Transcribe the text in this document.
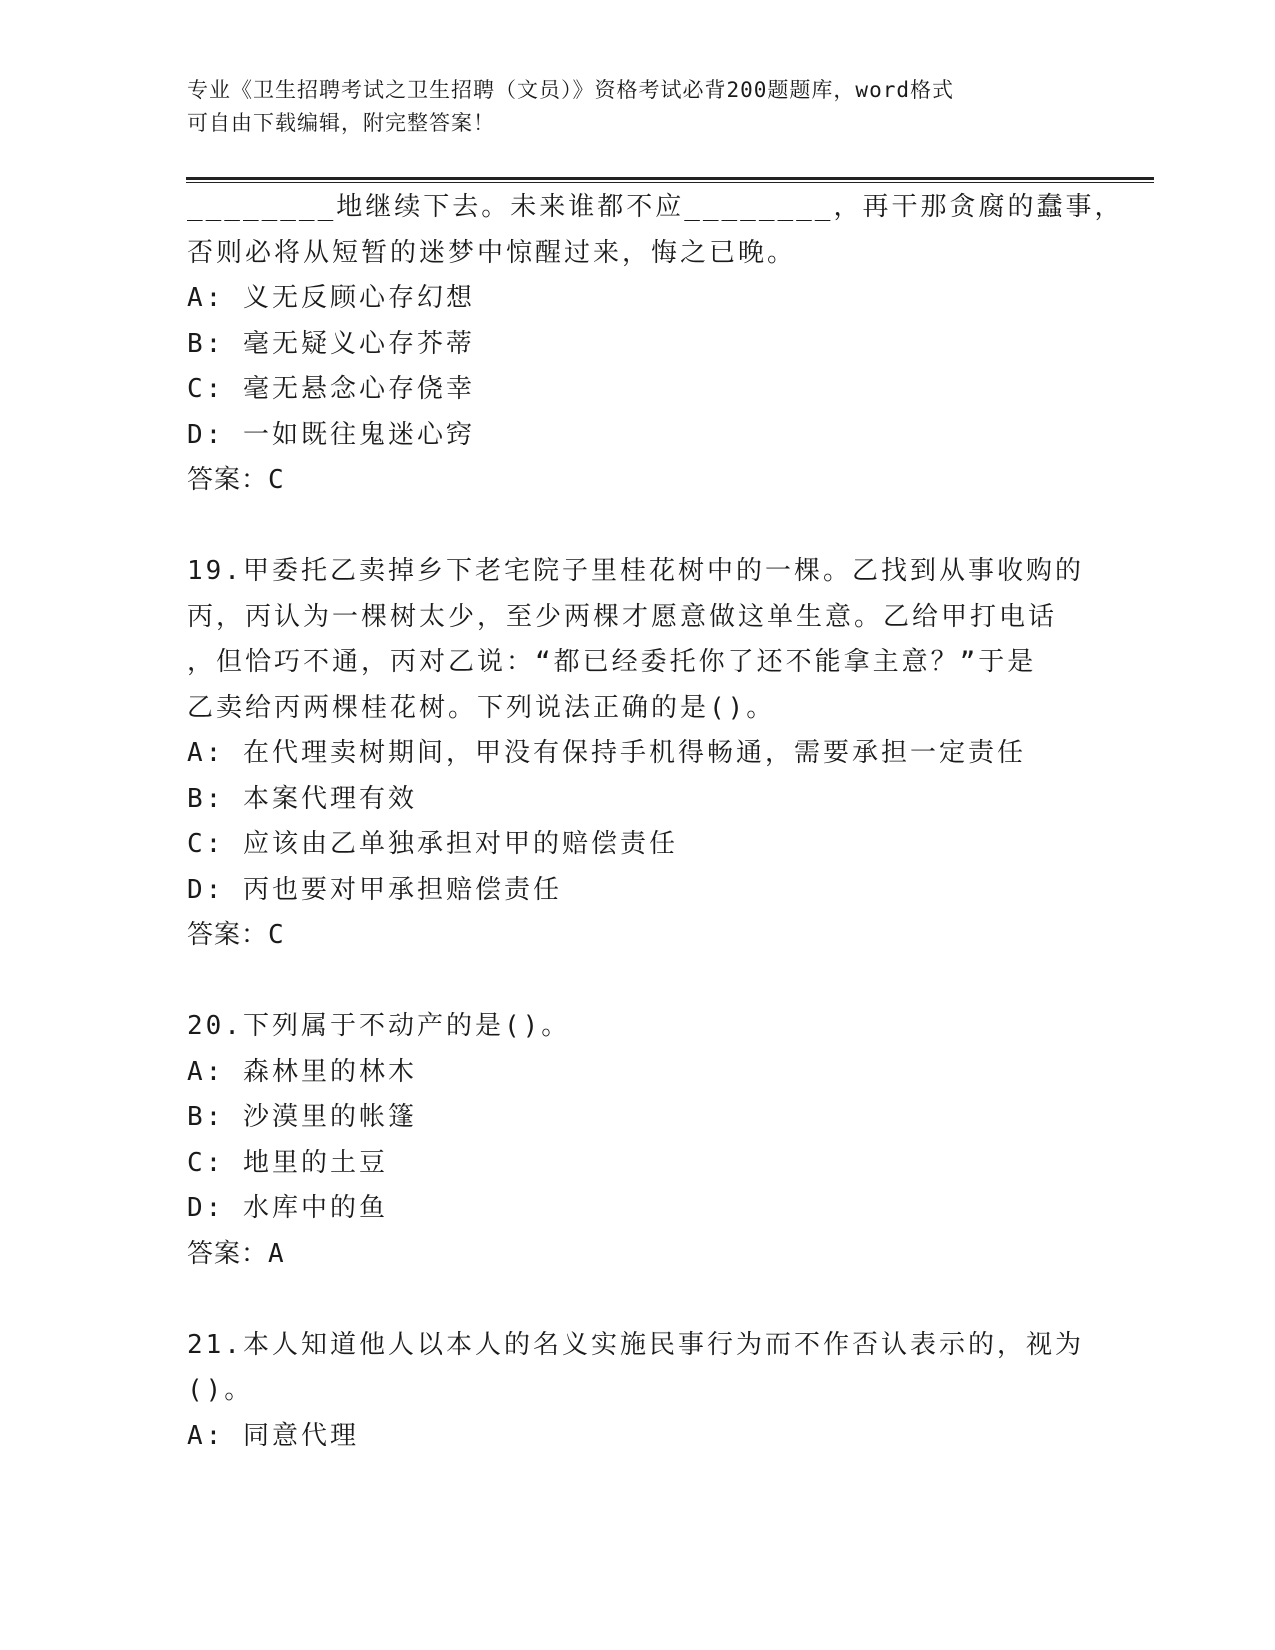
专业《卫生招聘考试之卫生招聘（文员）》资格考试必背200题题库，word格式
可自由下载编辑，附完整答案！
________地继续下去。未来谁都不应________，再干那贪腐的蠢事，
否则必将从短暂的迷梦中惊醒过来，悔之已晚。
A: 义无反顾心存幻想
B: 毫无疑义心存芥蒂
C: 毫无悬念心存侥幸
D: 一如既往鬼迷心窍
答案：C
19.甲委托乙卖掉乡下老宅院子里桂花树中的一棵。乙找到从事收购的
丙，丙认为一棵树太少，至少两棵才愿意做这单生意。乙给甲打电话
，但恰巧不通，丙对乙说：“都已经委托你了还不能拿主意？”于是
乙卖给丙两棵桂花树。下列说法正确的是()。
A: 在代理卖树期间，甲没有保持手机得畅通，需要承担一定责任
B: 本案代理有效
C: 应该由乙单独承担对甲的赔偿责任
D: 丙也要对甲承担赔偿责任
答案：C
20.下列属于不动产的是()。
A: 森林里的林木
B: 沙漠里的帐篷
C: 地里的土豆
D: 水库中的鱼
答案：A
21.本人知道他人以本人的名义实施民事行为而不作否认表示的，视为
()。
A: 同意代理
